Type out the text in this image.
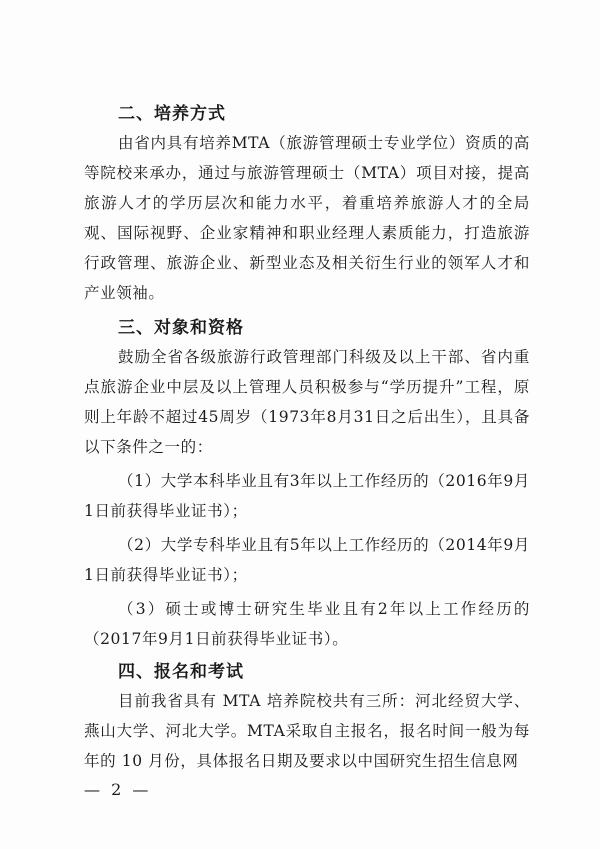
二、培养方式

由省内具有培养MTA（旅游管理硕士专业学位）资质的高等院校来承办，通过与旅游管理硕士（MTA）项目对接，提高旅游人才的学历层次和能力水平，着重培养旅游人才的全局观、国际视野、企业家精神和职业经理人素质能力，打造旅游行政管理、旅游企业、新型业态及相关衍生行业的领军人才和产业领袖。

三、对象和资格

鼓励全省各级旅游行政管理部门科级及以上干部、省内重点旅游企业中层及以上管理人员积极参与“学历提升”工程，原则上年龄不超过45周岁（1973年8月31日之后出生），且具备以下条件之一的：

（1）大学本科毕业且有3年以上工作经历的（2016年9月1日前获得毕业证书）；

（2）大学专科毕业且有5年以上工作经历的（2014年9月1日前获得毕业证书）；

（3）硕士或博士研究生毕业且有2年以上工作经历的（2017年9月1日前获得毕业证书）。

四、报名和考试

目前我省具有 MTA 培养院校共有三所：河北经贸大学、燕山大学、河北大学。MTA采取自主报名，报名时间一般为每年的 10 月份，具体报名日期及要求以中国研究生招生信息网

— 2 —
